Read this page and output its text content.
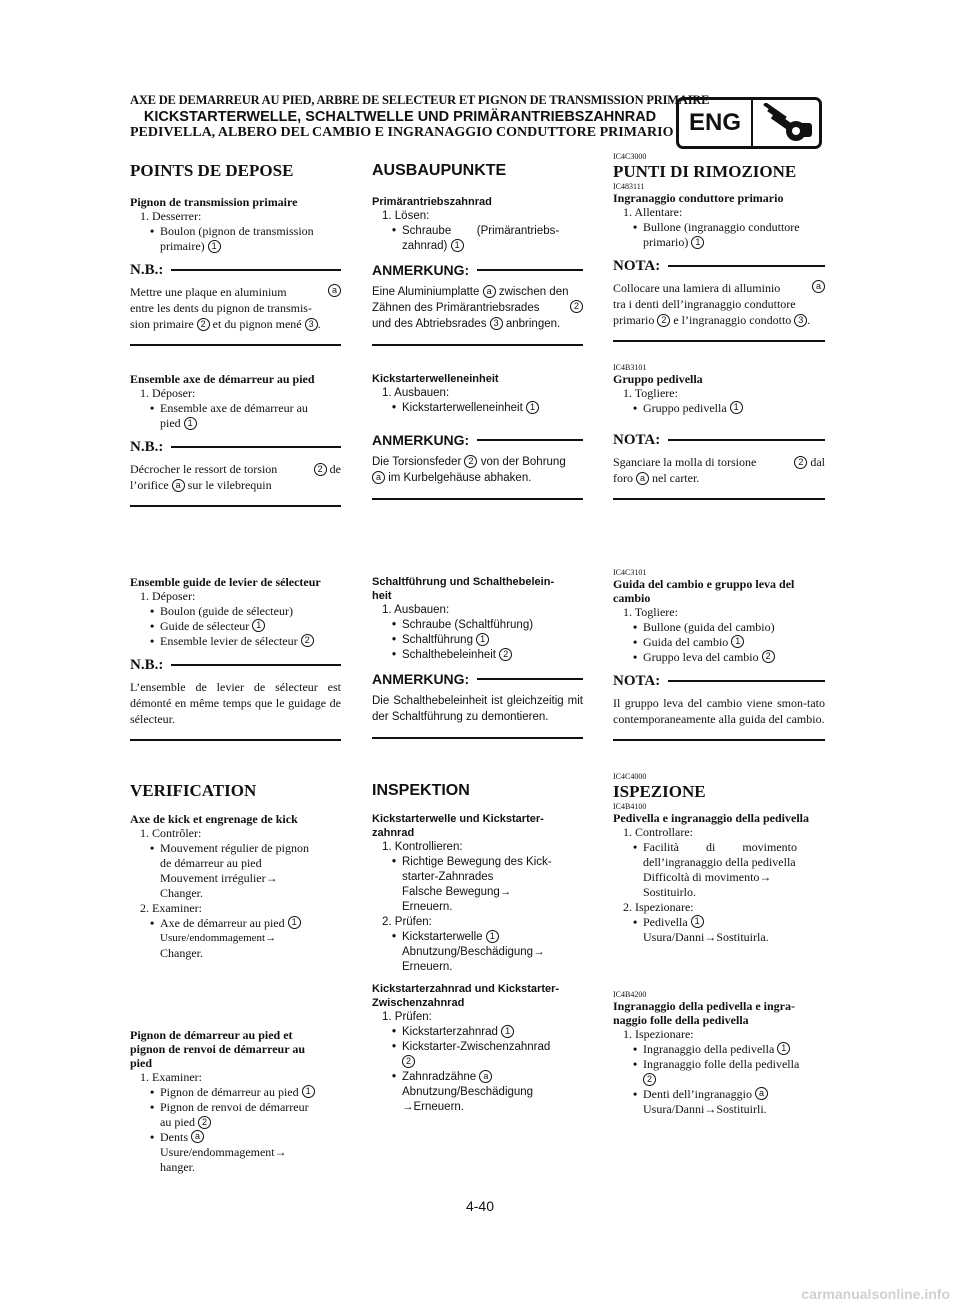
AXE DE DEMARREUR AU PIED, ARBRE DE SELECTEUR ET PIGNON DE TRANSMISSION PRIMAIRE
KICKSTARTERWELLE, SCHALTWELLE UND PRIMÄRANTRIEBSZAHNRAD
PEDIVELLA, ALBERO DEL CAMBIO E INGRANAGGIO CONDUTTORE PRIMARIO ENG
POINTS DE DEPOSE
Pignon de transmission primaire
1. Desserrer:
• Boulon (pignon de transmission
primaire) 1
N.B.:
Mettre une plaque en aluminium	a
entre les dents du pignon de transmis-
sion primaire 2 et du pignon mené 3 .
Ensemble axe de démarreur au pied
1. Déposer:
• Ensemble axe de démarreur au
pied 1
N.B.:
Décrocher le ressort de torsion	2 de
l’orifice a sur le vilebrequin
Ensemble guide de levier de sélecteur
1. Déposer:
• Boulon (guide de sélecteur)
• Guide de sélecteur
1
• Ensemble levier de sélecteur
2
N.B.:
L’ensemble de levier de sélecteur est démonté en même temps que le guidage de sélecteur.
VERIFICATION
Axe de kick et engrenage de kick
1. Contrôler:
• Mouvement régulier de pignon
de démarreur au pied
Mouvement irrégulier→
Changer.
2. Examiner:
• Axe de démarreur au pied
1
Usure/endommagement→
Changer.
Pignon de démarreur au pied et
pignon de renvoi de démarreur au
pied
1. Examiner:
• Pignon de démarreur au pied
1
• Pignon de renvoi de démarreur
au pied 2
• Dents
a
Usure/endommagement→
hanger.
AUSBAUPUNKTE
Primärantriebszahnrad
1. Lösen:
• Schraube        (Primärantriebs-
zahnrad) 1
ANMERKUNG:
Eine Aluminiumplatte a zwischen den
Zähnen des Primärantriebsrades	2
und des Abtriebsrades 3 anbringen.
Kickstarterwelleneinheit
1. Ausbauen:
• Kickstarterwelleneinheit
1
ANMERKUNG:
Die Torsionsfeder 2 von der Bohrung
a im Kurbelgehäuse abhaken.
Schaltführung und Schalthebelein-
heit
1. Ausbauen:
• Schraube (Schaltführung)
• Schaltführung
1
• Schalthebeleinheit
2
ANMERKUNG:
Die Schalthebeleinheit ist gleichzeitig mit der Schaltführung zu demontieren.
INSPEKTION
Kickstarterwelle und Kickstarter-
zahnrad
1. Kontrollieren:
• Richtige Bewegung des Kick-
starter-Zahnrades
Falsche Bewegung→
Erneuern.
2. Prüfen:
• Kickstarterwelle
1
Abnutzung/Beschädigung→
Erneuern.
Kickstarterzahnrad und Kickstarter-
Zwischenzahnrad
1. Prüfen:
• Kickstarterzahnrad
1
• Kickstarter-Zwischenzahnrad
2
• Zahnradzähne
a
Abnutzung/Beschädigung
→Erneuern.
IC4C3000
PUNTI DI RIMOZIONE
IC483111
Ingranaggio conduttore primario
1. Allentare:
• Bullone (ingranaggio conduttore
primario) 1
NOTA:
Collocare una lamiera di alluminio	a
tra i denti dell’ingranaggio conduttore
primario 2 e l’ingranaggio condotto 3 .
IC4B3101
Gruppo pedivella
1. Togliere:
• Gruppo pedivella
1
NOTA:
Sganciare la molla di torsione	2 dal
foro a nel carter.
IC4C3101
Guida del cambio e gruppo leva del
cambio
1. Togliere:
• Bullone (guida del cambio)
• Guida del cambio
1
• Gruppo leva del cambio
2
NOTA:
Il gruppo leva del cambio viene smon-tato contemporaneamente alla guida del cambio.
IC4C4000
ISPEZIONE
IC4B4100
Pedivella e ingranaggio della pedivella
1. Controllare:
• Facilità         di         movimento
dell’ingranaggio della pedivella
Difficoltà di movimento→
Sostituirlo.
2. Ispezionare:
• Pedivella
1
Usura/Danni→Sostituirla.
IC4B4200
Ingranaggio della pedivella e ingra-
naggio folle della pedivella
1. Ispezionare:
• Ingranaggio della pedivella
1
• Ingranaggio folle della pedivella
2
• Denti dell’ingranaggio
a
Usura/Danni→Sostituirli.
4-40
carmanualsonline.info
